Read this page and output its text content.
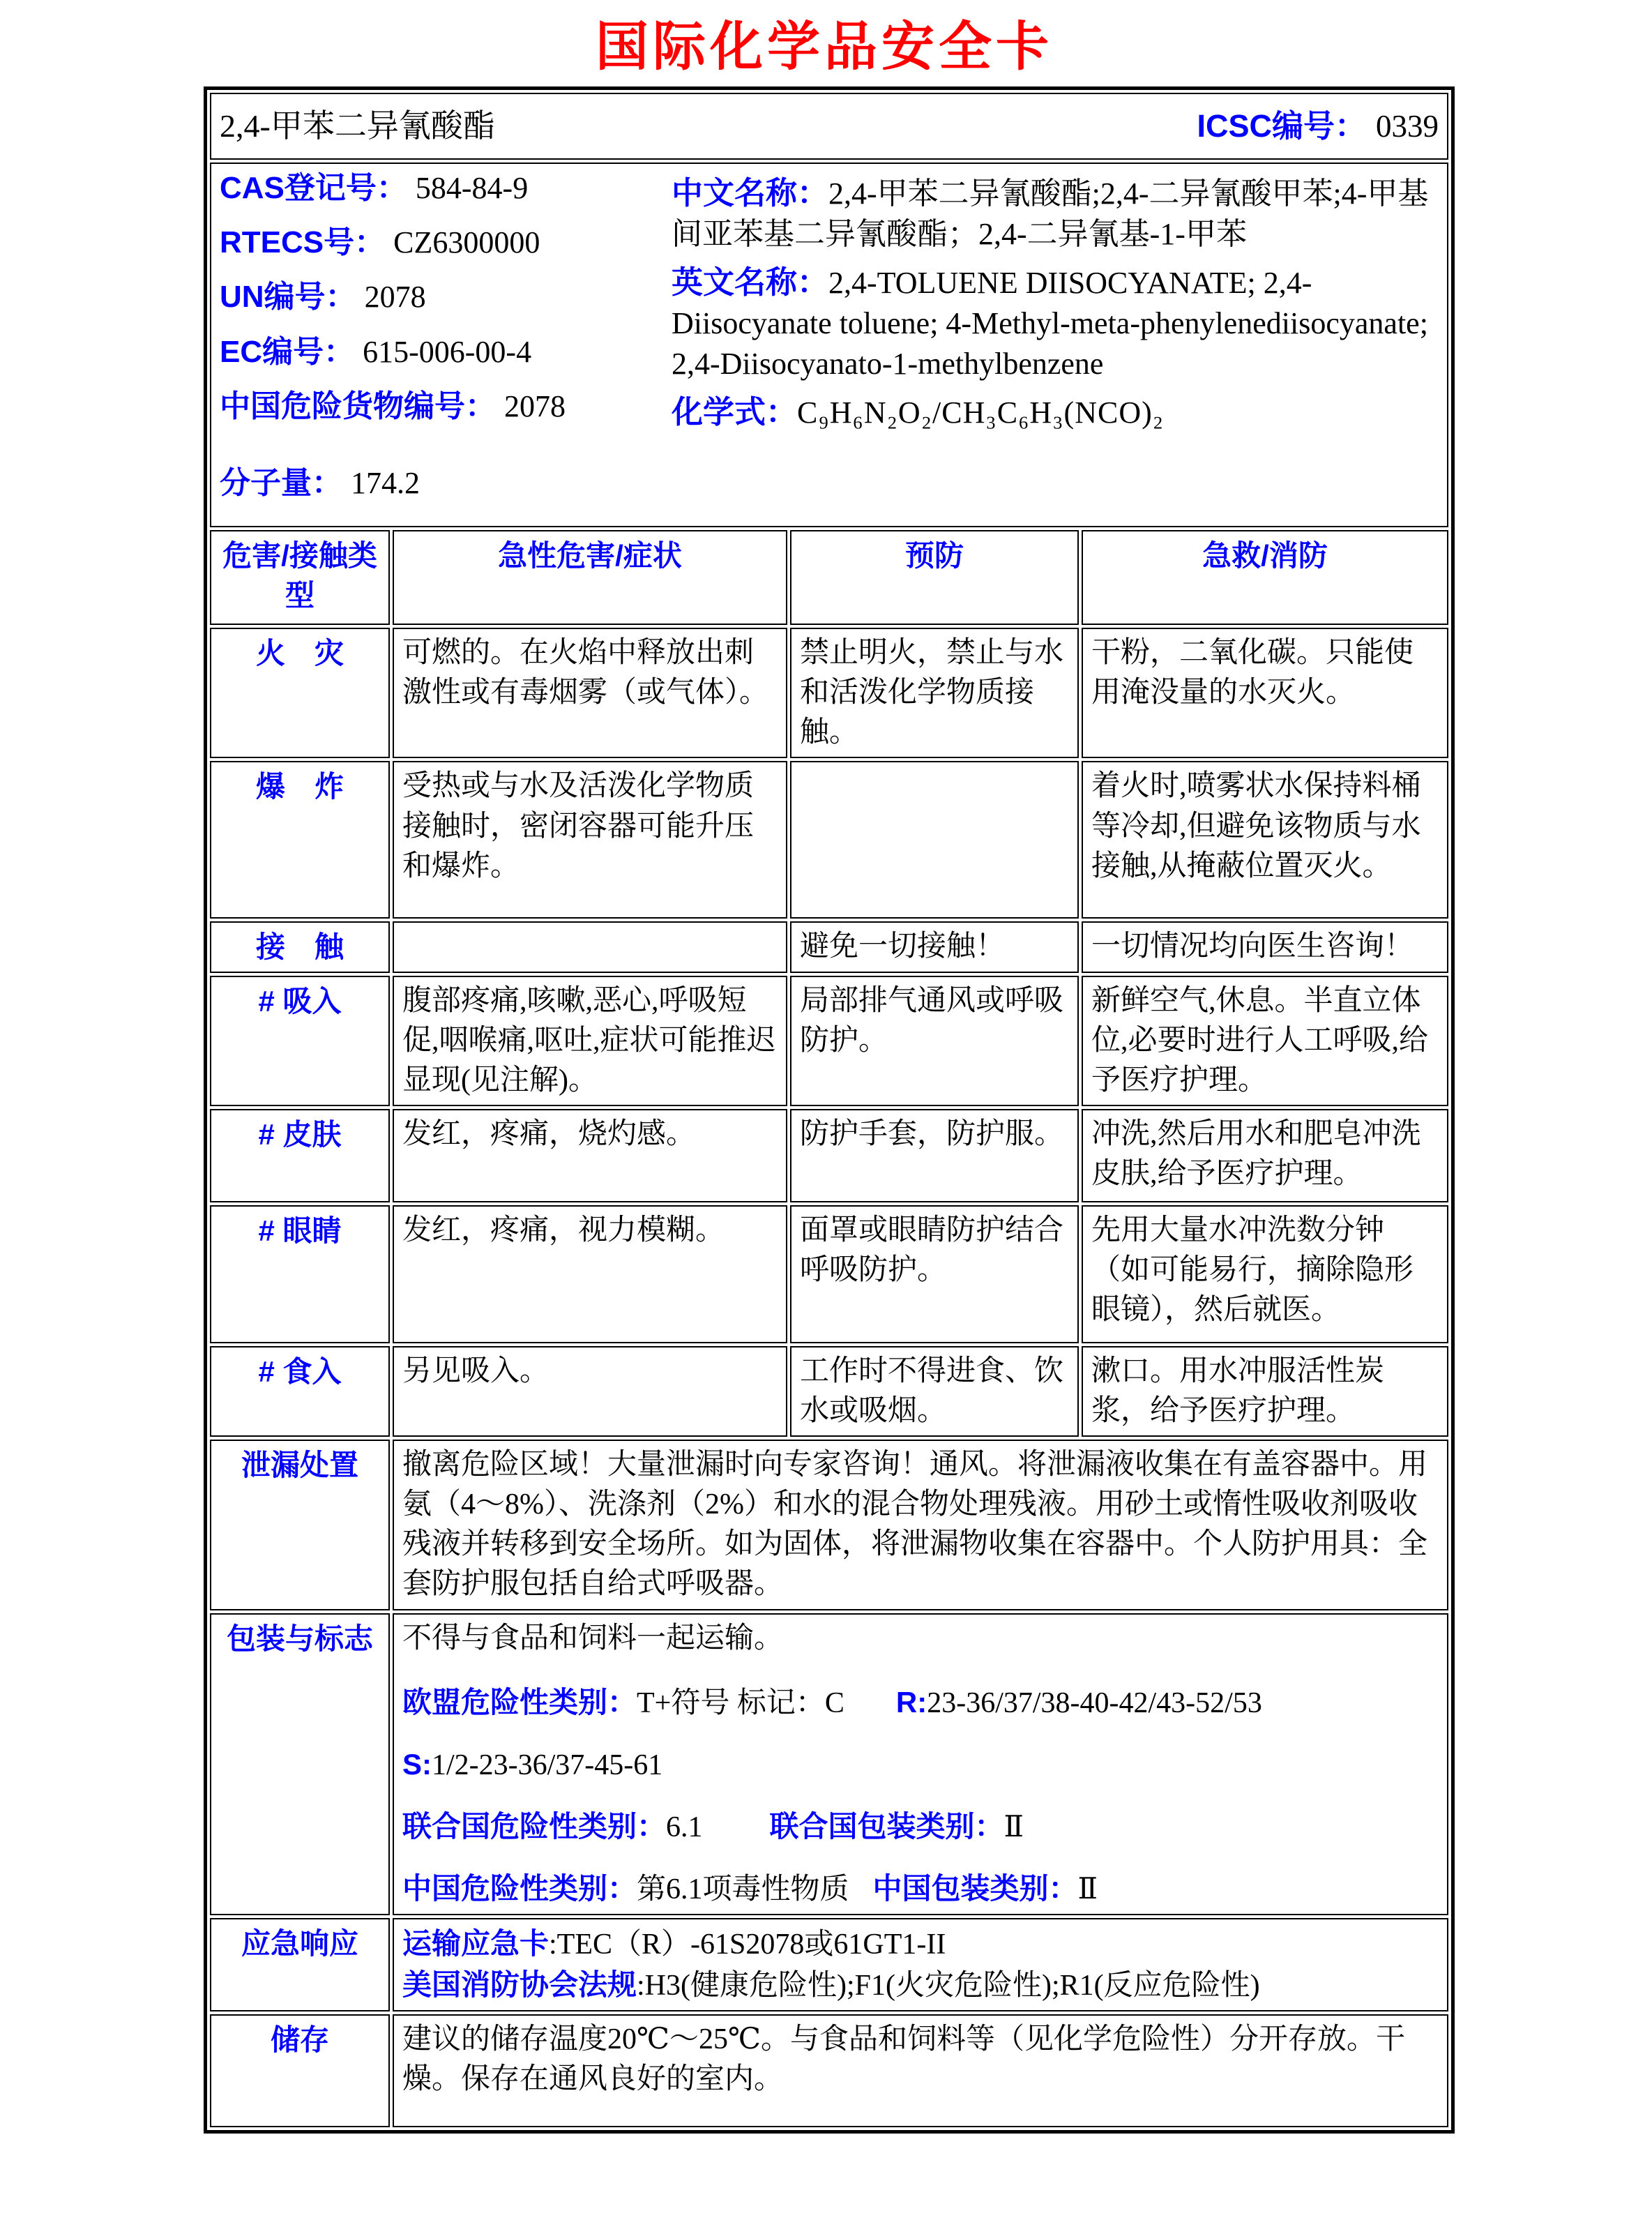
国际化学品安全卡
2,4-甲苯二异氰酸酯 ICSC编号： 0339			

CAS登记号： 584-84-9
RTECS号： CZ6300000
UN编号： 2078
EC编号： 615-006-00-4
中国危险货物编号： 2078
分子量： 174.2

中文名称：2,4-甲苯二异氰酸酯;2,4-二异氰酸甲苯;4-甲基间亚苯基二异氰酸酯；2,4-二异氰基-1-甲苯

英文名称：2,4-TOLUENE DIISOCYANATE; 2,4-Diisocyanate toluene; 4-Methyl-meta-phenylenediisocyanate; 2,4-Diisocyanato-1-methylbenzene

化学式：C₉H₆N₂O₂/CH₃C₆H₃(NCO)₂

危害/接触类型	急性危害/症状	预防	急救/消防
火　灾	可燃的。在火焰中释放出刺激性或有毒烟雾（或气体）。	禁止明火，禁止与水和活泼化学物质接触。	干粉，二氧化碳。只能使用淹没量的水灭火。
爆　炸	受热或与水及活泼化学物质接触时，密闭容器可能升压和爆炸。		着火时,喷雾状水保持料桶等冷却,但避免该物质与水接触,从掩蔽位置灭火。
接　触		避免一切接触！	一切情况均向医生咨询！
# 吸入	腹部疼痛,咳嗽,恶心,呼吸短促,咽喉痛,呕吐,症状可能推迟显现(见注解)。	局部排气通风或呼吸防护。	新鲜空气,休息。半直立体位,必要时进行人工呼吸,给予医疗护理。
# 皮肤	发红，疼痛，烧灼感。	防护手套，防护服。	冲洗,然后用水和肥皂冲洗皮肤,给予医疗护理。
# 眼睛	发红，疼痛，视力模糊。	面罩或眼睛防护结合呼吸防护。	先用大量水冲洗数分钟（如可能易行，摘除隐形眼镜），然后就医。
# 食入	另见吸入。	工作时不得进食、饮水或吸烟。	漱口。用水冲服活性炭浆，给予医疗护理。
泄漏处置	撤离危险区域！大量泄漏时向专家咨询！通风。将泄漏液收集在有盖容器中。用氨（4～8%）、洗涤剂（2%）和水的混合物处理残液。用砂土或惰性吸收剂吸收残液并转移到安全场所。如为固体，将泄漏物收集在容器中。个人防护用具：全套防护服包括自给式呼吸器。		
包装与标志	不得与食品和饲料一起运输。

欧盟危险性类别：T+符号 标记：C R:23-36/37/38-40-42/43-52/53

S:1/2-23-36/37-45-61

联合国危险性类别：6.1 联合国包装类别：Ⅱ

中国危险性类别：第6.1项毒性物质 中国包装类别：Ⅱ		

应急响应	运输应急卡:TEC（R）-61S2078或61GT1-II

美国消防协会法规:H3(健康危险性);F1(火灾危险性);R1(反应危险性)		

储存	建议的储存温度20℃～25℃。与食品和饲料等（见化学危险性）分开存放。干燥。保存在通风良好的室内。		
